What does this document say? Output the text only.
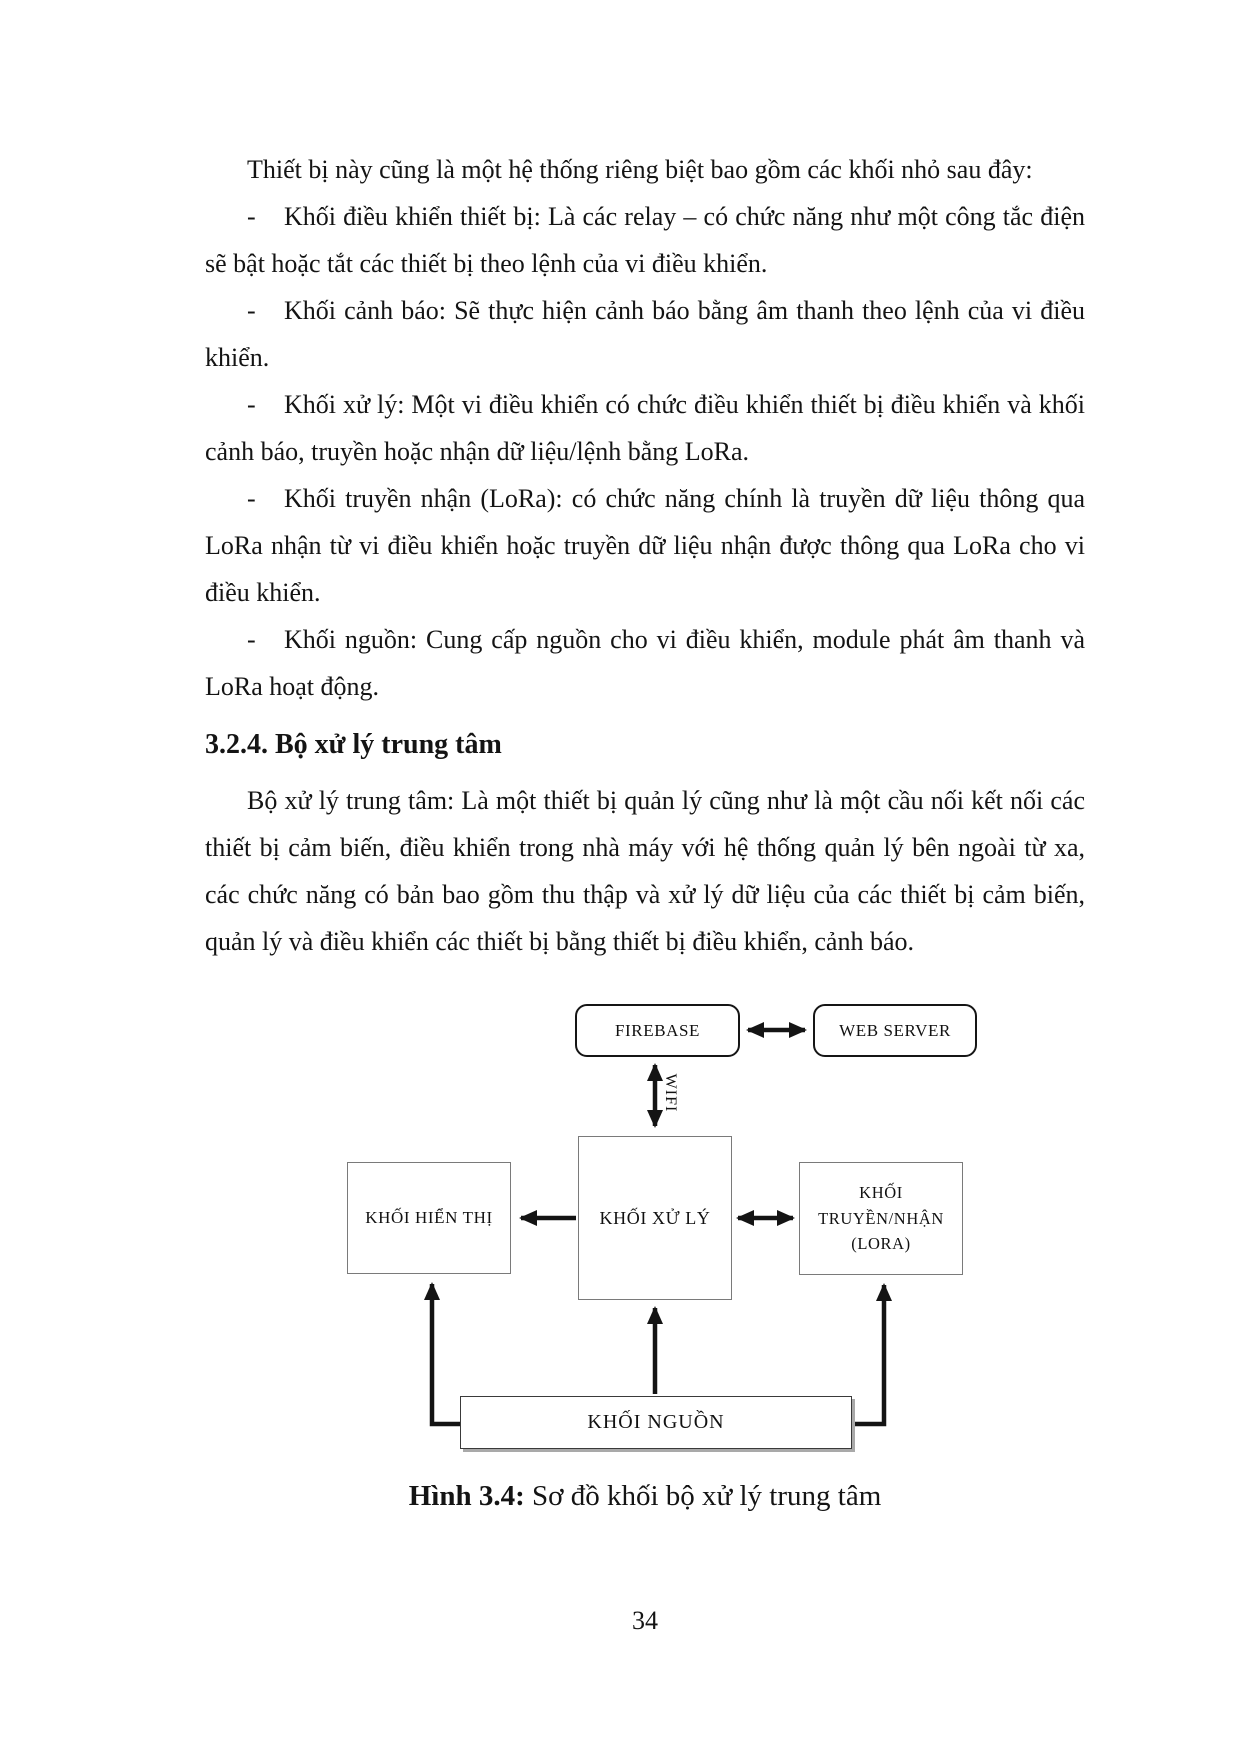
Thiết bị này cũng là một hệ thống riêng biệt bao gồm các khối nhỏ sau đây:

- Khối điều khiển thiết bị: Là các relay – có chức năng như một công tắc điện sẽ bật hoặc tắt các thiết bị theo lệnh của vi điều khiển.

- Khối cảnh báo: Sẽ thực hiện cảnh báo bằng âm thanh theo lệnh của vi điều khiển.

- Khối xử lý: Một vi điều khiển có chức điều khiển thiết bị điều khiển và khối cảnh báo, truyền hoặc nhận dữ liệu/lệnh bằng LoRa.

- Khối truyền nhận (LoRa): có chức năng chính là truyền dữ liệu thông qua LoRa nhận từ vi điều khiển hoặc truyền dữ liệu nhận được thông qua LoRa cho vi điều khiển.

- Khối nguồn: Cung cấp nguồn cho vi điều khiển, module phát âm thanh và LoRa hoạt động.

3.2.4. Bộ xử lý trung tâm

Bộ xử lý trung tâm: Là một thiết bị quản lý cũng như là một cầu nối kết nối các thiết bị cảm biến, điều khiển trong nhà máy với hệ thống quản lý bên ngoài từ xa, các chức năng có bản bao gồm thu thập và xử lý dữ liệu của các thiết bị cảm biến, quản lý và điều khiển các thiết bị bằng thiết bị điều khiển, cảnh báo.

FIREBASE	WEB SERVER
KHỐI XỬ LÝ
KHỐI HIỂN THỊ
KHỐI TRUYỀN/NHẬN
(LORA)
KHỐI NGUỒN
WIFI
Hình 3.4: Sơ đồ khối bộ xử lý trung tâm
34
